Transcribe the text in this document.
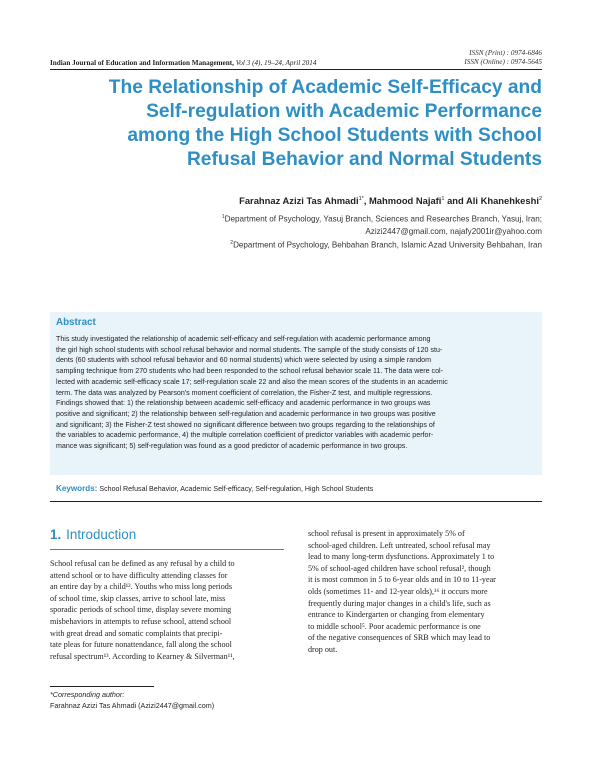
ISSN (Print) : 0974-6846
ISSN (Online) : 0974-5645
Indian Journal of Education and Information Management, Vol 3 (4), 19–24, April 2014
The Relationship of Academic Self-Efficacy and
Self-regulation with Academic Performance
among the High School Students with School
Refusal Behavior and Normal Students
Farahnaz Azizi Tas Ahmadi$^{1*}$, Mahmood Najafi$^1$ and Ali Khanehkeshi$^2$
$^1$Department of Psychology, Yasuj Branch, Sciences and Researches Branch, Yasuj, Iran;
Azizi2447@gmail.com, najafy2001ir@yahoo.com
$^2$Department of Psychology, Behbahan Branch, Islamic Azad University Behbahan, Iran
Abstract
This study investigated the relationship of academic self-efficacy and self-regulation with academic performance among
the girl high school students with school refusal behavior and normal students. The sample of the study consists of 120 stu-
dents (60 students with school refusal behavior and 60 normal students) which were selected by using a simple random
sampling technique from 270 students who had been responded to the school refusal behavior scale 11. The data were col-
lected with academic self-efficacy scale 17; self-regulation scale 22 and also the mean scores of the students in an academic
term. The data was analyzed by Pearson's moment coefficient of correlation, the Fisher-Z test, and multiple regressions.
Findings showed that: 1) the relationship between academic self-efficacy and academic performance in two groups was
positive and significant; 2) the relationship between self-regulation and academic performance in two groups was positive
and significant; 3) the Fisher-Z test showed no significant difference between two groups regarding to the relationships of
the variables to academic performance, 4) the multiple correlation coefficient of predictor variables with academic perfor-
mance was significant; 5) self-regulation was found as a good predictor of academic performance in two groups.
Keywords: School Refusal Behavior, Academic Self-efficacy, Self-regulation, High School Students
1. Introduction
School refusal can be defined as any refusal by a child to
attend school or to have difficulty attending classes for
an entire day by a child¹². Youths who miss long periods
of school time, skip classes, arrive to school late, miss
sporadic periods of school time, display severe morning
misbehaviors in attempts to refuse school, attend school
with great dread and somatic complaints that precipi-
tate pleas for future nonattendance, fall along the school
refusal spectrum¹³. According to Kearney & Silverman¹¹,
school refusal is present in approximately 5% of
school-aged children. Left untreated, school refusal may
lead to many long-term dysfunctions. Approximately 1 to
5% of school-aged children have school refusal², though
it is most common in 5 to 6-year olds and in 10 to 11-year
olds (sometimes 11- and 12-year olds),¹⁶ it occurs more
frequently during major changes in a child's life, such as
entrance to Kindergarten or changing from elementary
to middle school⁵. Poor academic performance is one
of the negative consequences of SRB which may lead to
drop out.
*Corresponding author:
Farahnaz Azizi Tas Ahmadi (Azizi2447@gmail.com)
